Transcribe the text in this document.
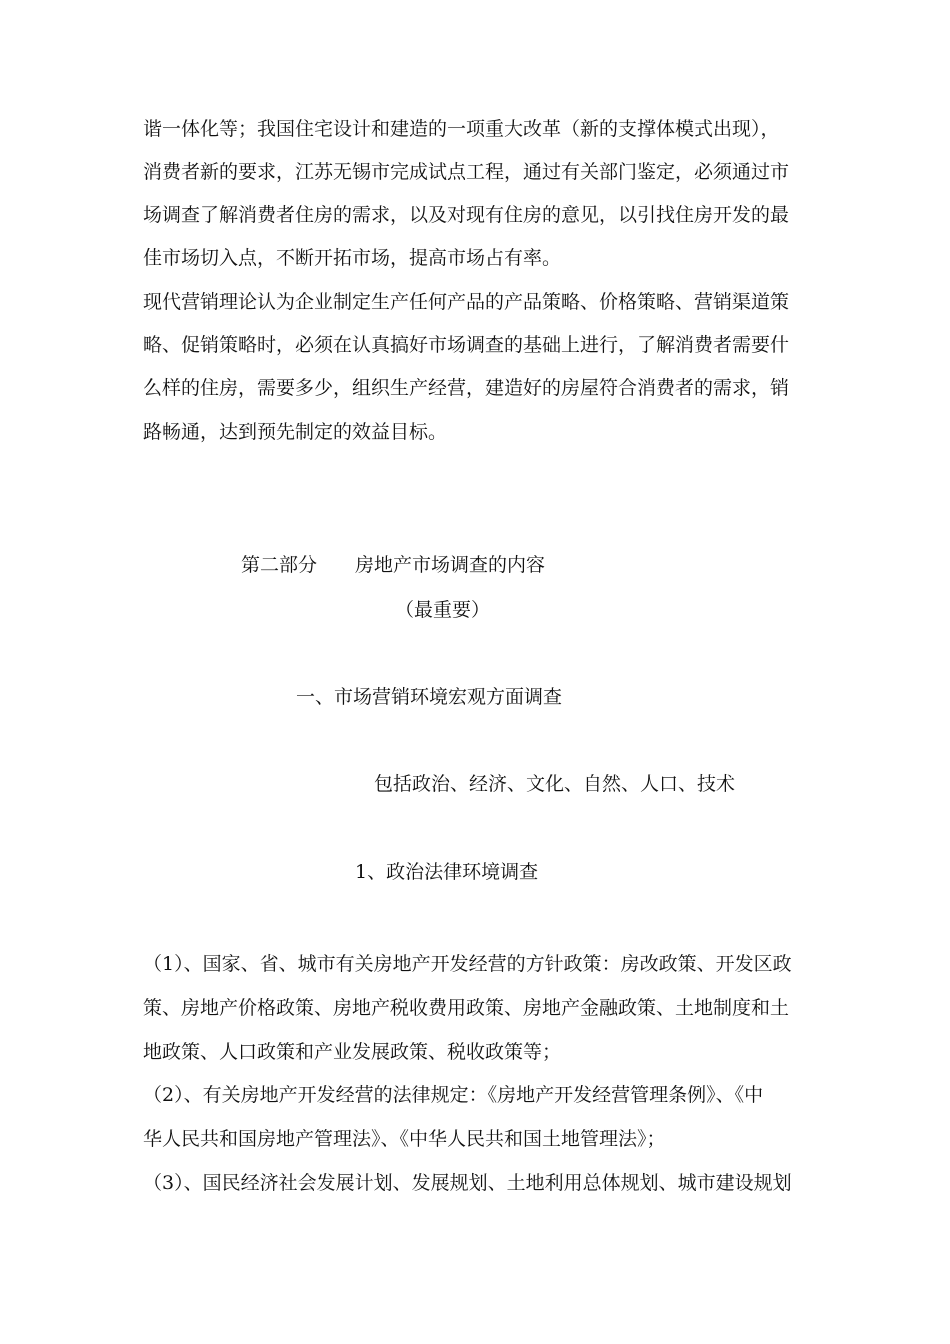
谐一体化等；我国住宅设计和建造的一项重大改革（新的支撑体模式出现），

消费者新的要求，江苏无锡市完成试点工程，通过有关部门鉴定，必须通过市

场调查了解消费者住房的需求，以及对现有住房的意见，以引找住房开发的最

佳市场切入点，不断开拓市场，提高市场占有率。

现代营销理论认为企业制定生产任何产品的产品策略、价格策略、营销渠道策

略、促销策略时，必须在认真搞好市场调查的基础上进行，了解消费者需要什

么样的住房，需要多少，组织生产经营，建造好的房屋符合消费者的需求，销

路畅通，达到预先制定的效益目标。

第二部分 房地产市场调查的内容

（最重要）

一、市场营销环境宏观方面调查

包括政治、经济、文化、自然、人口、技术

1、政治法律环境调查

（1）、国家、省、城市有关房地产开发经营的方针政策：房改政策、开发区政

策、房地产价格政策、房地产税收费用政策、房地产金融政策、土地制度和土

地政策、人口政策和产业发展政策、税收政策等；

（2）、有关房地产开发经营的法律规定：《房地产开发经营管理条例》、《中

华人民共和国房地产管理法》、《中华人民共和国土地管理法》；

（3）、国民经济社会发展计划、发展规划、土地利用总体规划、城市建设规划
